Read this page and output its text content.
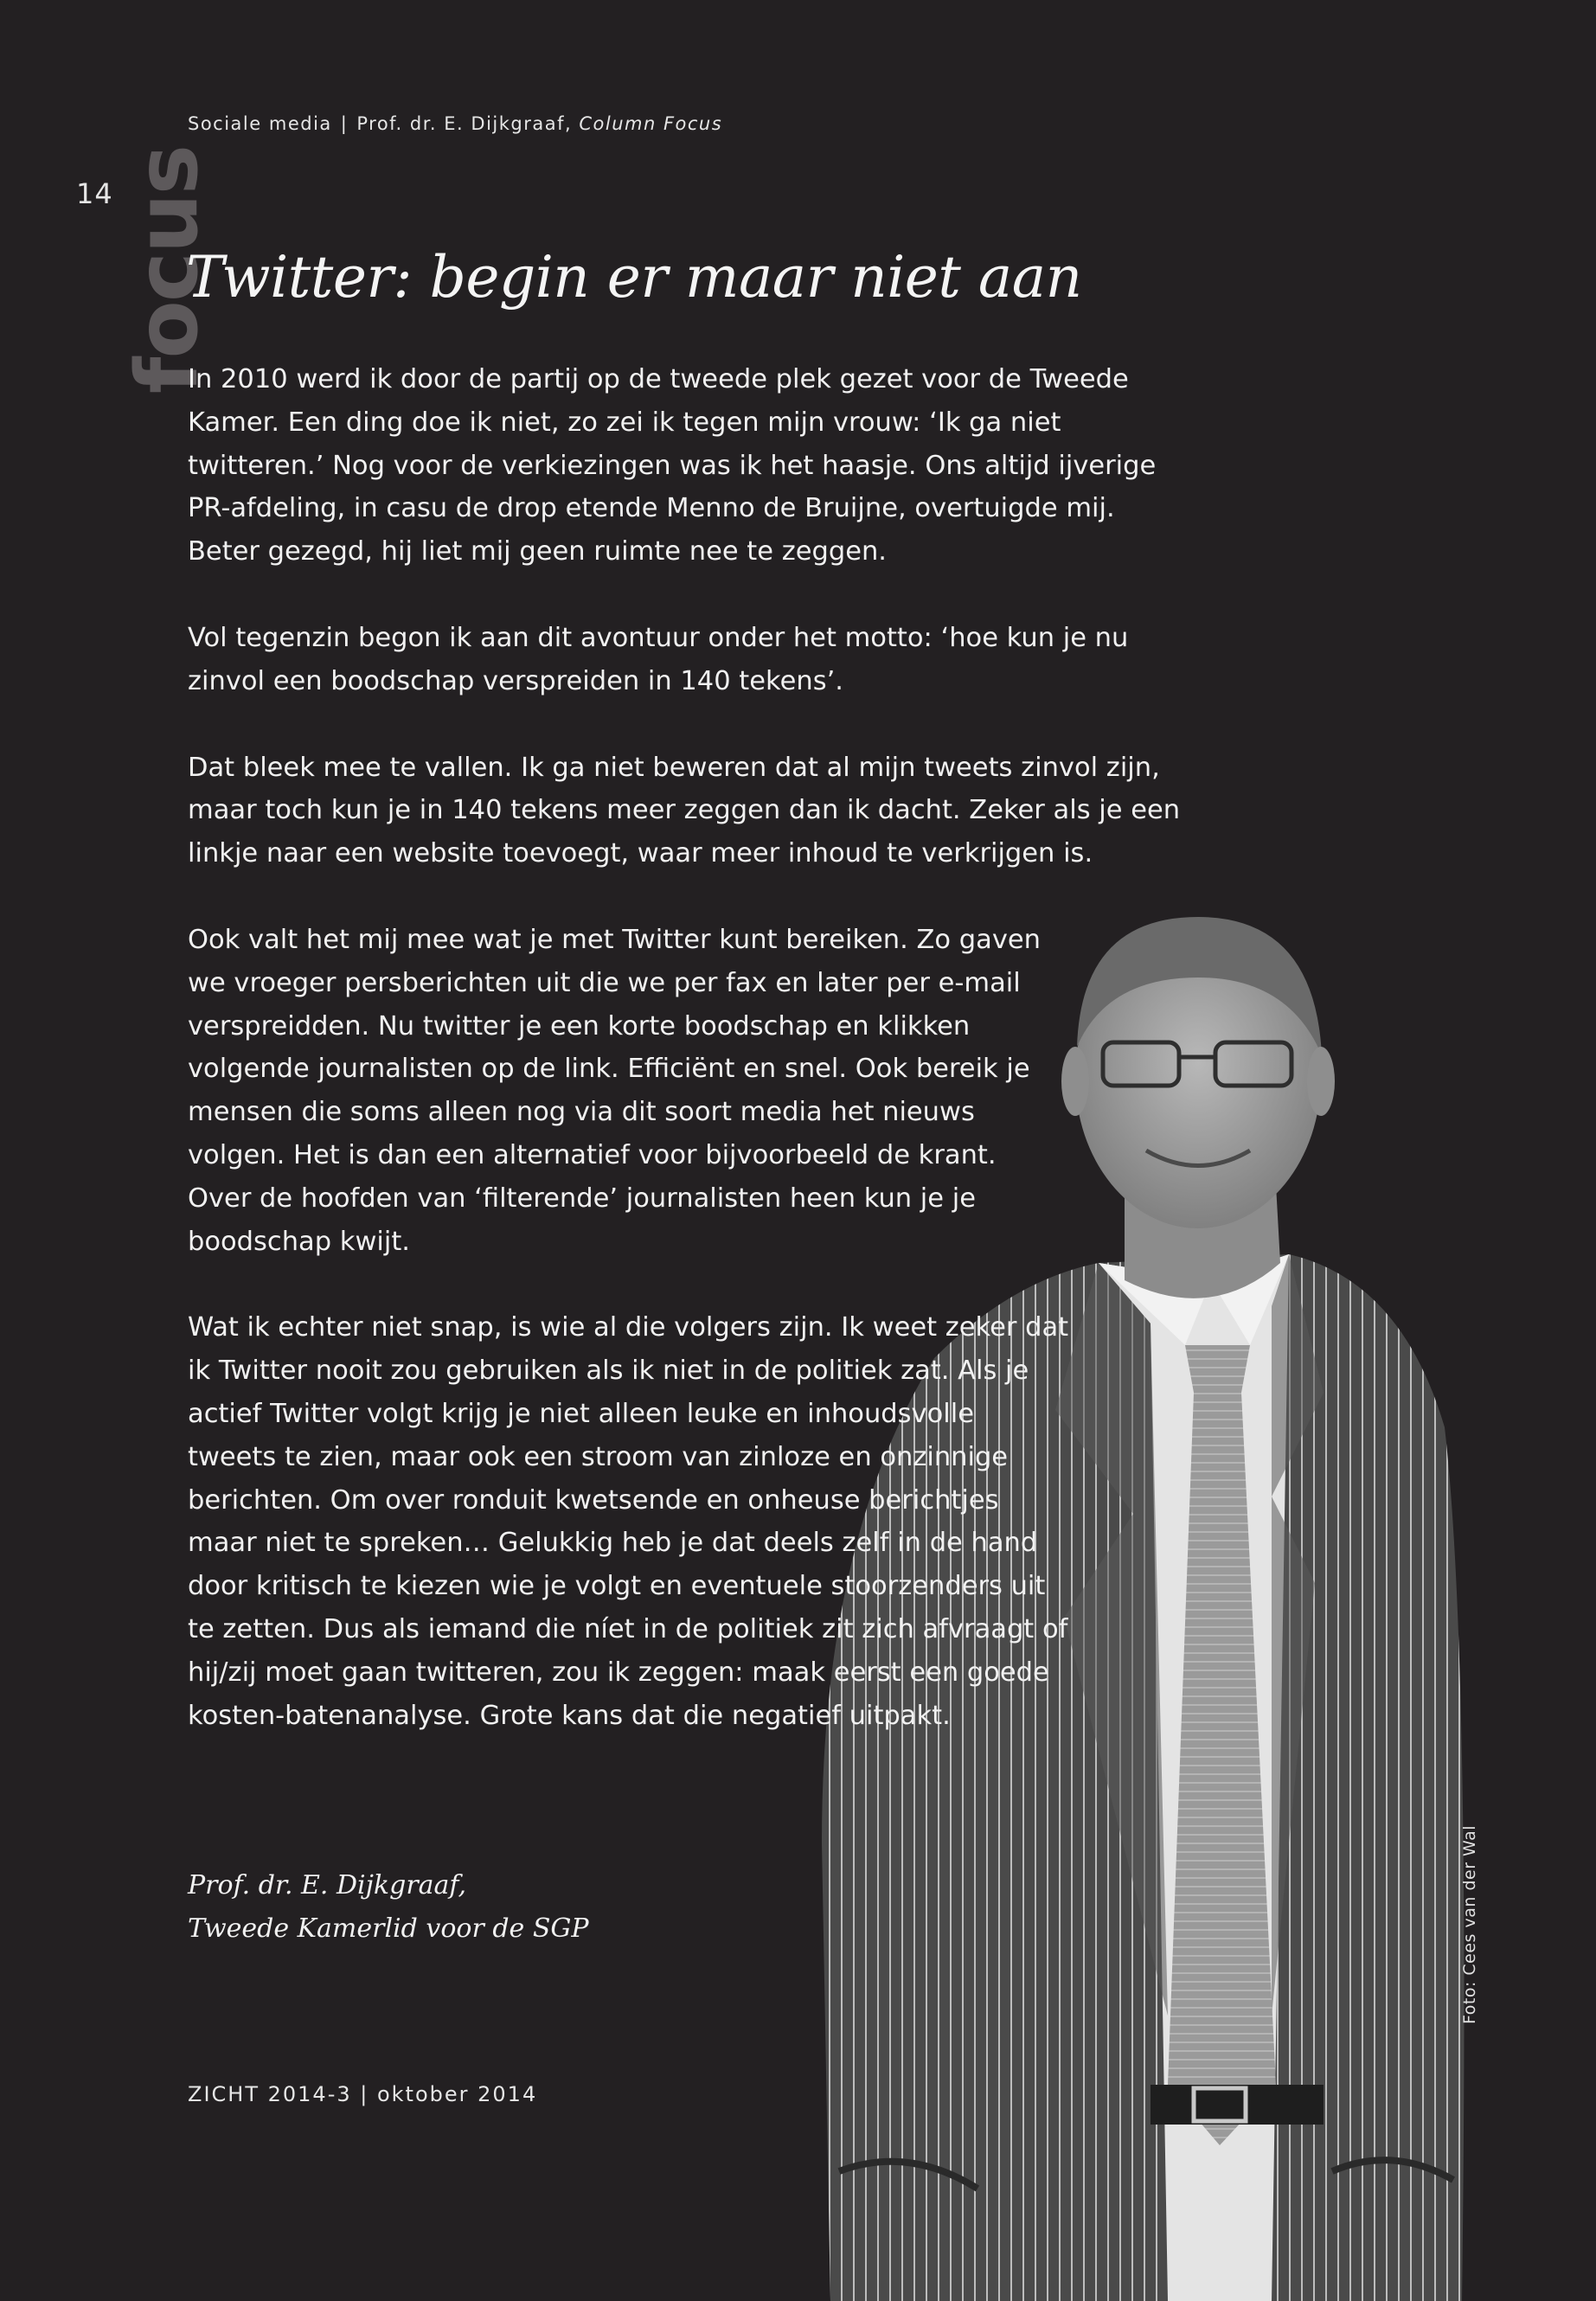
Sociale media | Prof. dr. E. Dijkgraaf, Column Focus
14 focus
Twitter: begin er maar niet aan
Foto: Cees van der Wal

In 2010 werd ik door de partij op de tweede plek gezet voor de Tweede Kamer. Een ding doe ik niet, zo zei ik tegen mijn vrouw: ‘Ik ga niet twitteren.’ Nog voor de verkiezingen was ik het haasje. Ons altijd ijverige PR-afdeling, in casu de drop etende Menno de Bruijne, overtuigde mij. Beter gezegd, hij liet mij geen ruimte nee te zeggen.

Vol tegenzin begon ik aan dit avontuur onder het motto: ‘hoe kun je nu zinvol een boodschap verspreiden in 140 tekens’.

Dat bleek mee te vallen. Ik ga niet beweren dat al mijn tweets zinvol zijn, maar toch kun je in 140 tekens meer zeggen dan ik dacht. Zeker als je een linkje naar een website toevoegt, waar meer inhoud te verkrijgen is.

Ook valt het mij mee wat je met Twitter kunt bereiken. Zo gaven we vroeger persberichten uit die we per fax en later per e-mail verspreidden. Nu twitter je een korte boodschap en klikken volgende journalisten op de link. Efficiënt en snel. Ook bereik je mensen die soms alleen nog via dit soort media het nieuws volgen. Het is dan een alternatief voor bijvoorbeeld de krant. Over de hoofden van ‘filterende’ journalisten heen kun je je boodschap kwijt.

Wat ik echter niet snap, is wie al die volgers zijn. Ik weet zeker dat ik Twitter nooit zou gebruiken als ik niet in de politiek zat. Als je actief Twitter volgt krijg je niet alleen leuke en inhoudsvolle tweets te zien, maar ook een stroom van zinloze en onzinnige berichten. Om over ronduit kwetsende en onheuse berichtjes maar niet te spreken… Gelukkig heb je dat deels zelf in de hand door kritisch te kiezen wie je volgt en eventuele stoorzenders uit te zetten. Dus als iemand die níet in de politiek zit zich afvraagt of hij/zij moet gaan twitteren, zou ik zeggen: maak eerst een goede kosten-batenanalyse. Grote kans dat die negatief uitpakt.

Prof. dr. E. Dijkgraaf,
Tweede Kamerlid voor de SGP
ZICHT 2014-3 | oktober 2014
